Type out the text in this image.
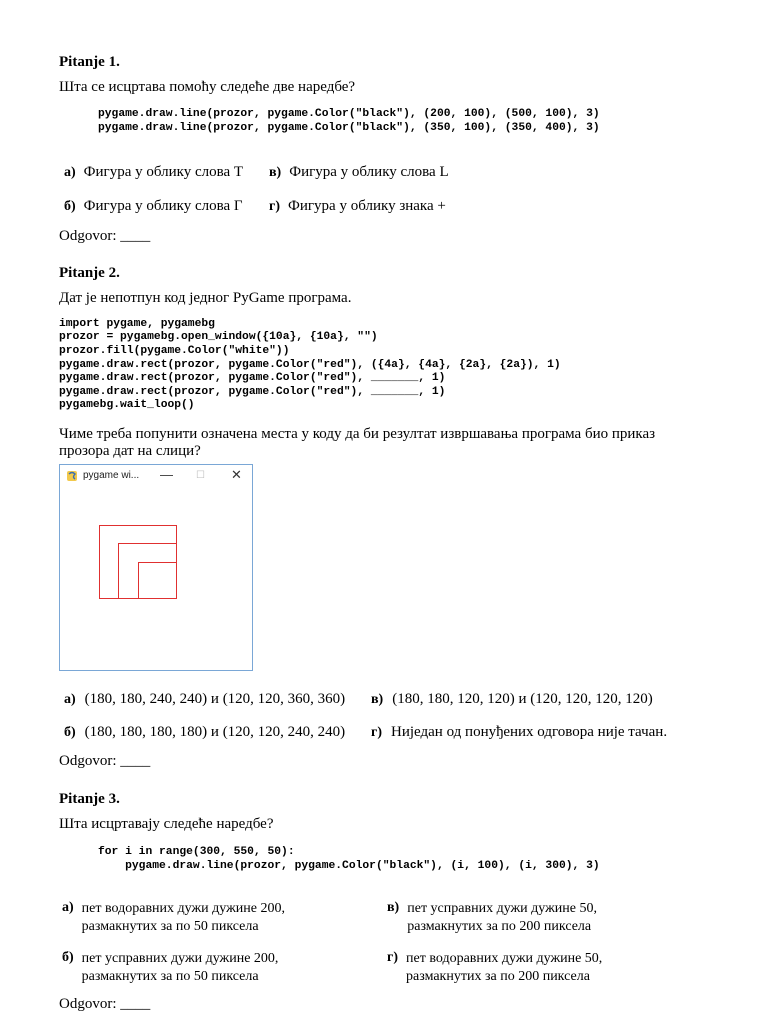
Pitanje 1.
Шта се исцртава помоћу следеће две наредбе?
pygame.draw.line(prozor, pygame.Color("black"), (200, 100), (500, 100), 3)
pygame.draw.line(prozor, pygame.Color("black"), (350, 100), (350, 400), 3)
а) Фигура у облику слова Т в) Фигура у облику слова L
б) Фигура у облику слова Г г) Фигура у облику знака +
Odgovor: ____
Pitanje 2.
Дат је непотпун код једног PyGame програма.
import pygame, pygamebg
prozor = pygamebg.open_window({10a}, {10a}, "")
prozor.fill(pygame.Color("white"))
pygame.draw.rect(prozor, pygame.Color("red"), ({4a}, {4a}, {2a}, {2a}), 1)
pygame.draw.rect(prozor, pygame.Color("red"), _______, 1)
pygame.draw.rect(prozor, pygame.Color("red"), _______, 1)
pygamebg.wait_loop()
Чиме треба попунити означена места у коду да би резултат извршавања програма био приказ
прозора дат на слици?
pygame wi... — ☐ ✕
а) (180, 180, 240, 240) и (120, 120, 360, 360) в) (180, 180, 120, 120) и (120, 120, 120, 120)
б) (180, 180, 180, 180) и (120, 120, 240, 240) г) Ниједан од понуђених одговора није тачан.
Odgovor: ____
Pitanje 3.
Шта исцртавају следеће наредбе?
for i in range(300, 550, 50):
pygame.draw.line(prozor, pygame.Color("black"), (i, 100), (i, 300), 3)
а) пет водоравних дужи дужине 200,
размакнутих за по 50 пиксела
в) пет усправних дужи дужине 50,
размакнутих за по 200 пиксела
б) пет усправних дужи дужине 200,
размакнутих за по 50 пиксела
г) пет водоравних дужи дужине 50,
размакнутих за по 200 пиксела
Odgovor: ____
